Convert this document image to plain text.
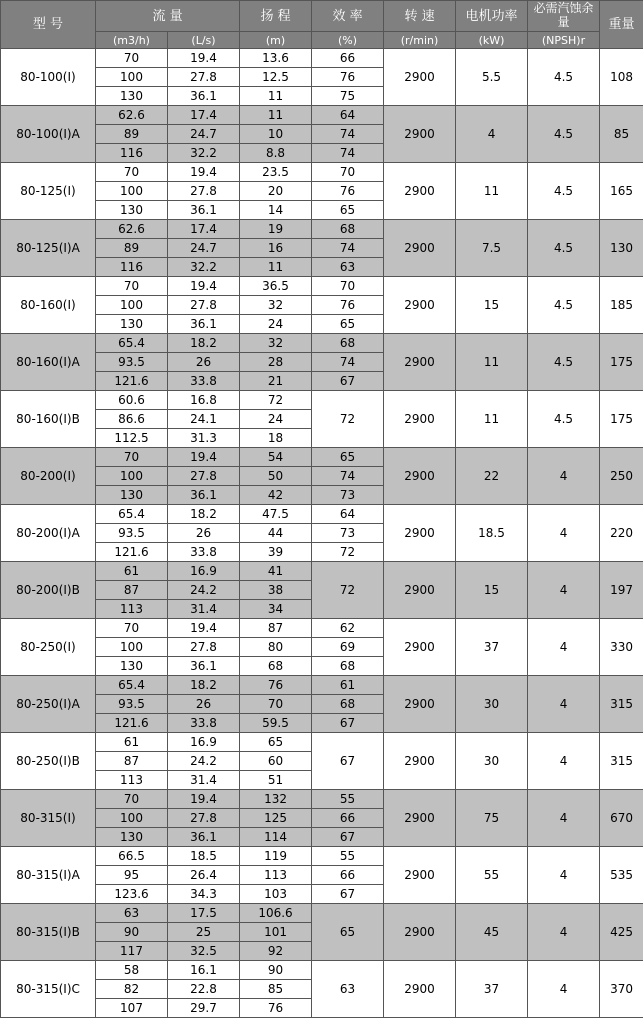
型 号	流 量		扬 程	效 率	转 速	电机功率	必需汽蚀余量	重量
	(m3/h)	(L/s)	(m)	(%)	(r/min)	(kW)	(NPSH)r	
80-100(I)	70	19.4	13.6	66	2900	5.5	4.5	108
	100	27.8	12.5	76				
	130	36.1	11	75				
80-100(I)A	62.6	17.4	11	64	2900	4	4.5	85
	89	24.7	10	74				
	116	32.2	8.8	74				
80-125(I)	70	19.4	23.5	70	2900	11	4.5	165
	100	27.8	20	76				
	130	36.1	14	65				
80-125(I)A	62.6	17.4	19	68	2900	7.5	4.5	130
	89	24.7	16	74				
	116	32.2	11	63				
80-160(I)	70	19.4	36.5	70	2900	15	4.5	185
	100	27.8	32	76				
	130	36.1	24	65				
80-160(I)A	65.4	18.2	32	68	2900	11	4.5	175
	93.5	26	28	74				
	121.6	33.8	21	67				
80-160(I)B	60.6	16.8	72	72	2900	11	4.5	175
	86.6	24.1	24					
	112.5	31.3	18					
80-200(I)	70	19.4	54	65	2900	22	4	250
	100	27.8	50	74				
	130	36.1	42	73				
80-200(I)A	65.4	18.2	47.5	64	2900	18.5	4	220
	93.5	26	44	73				
	121.6	33.8	39	72				
80-200(I)B	61	16.9	41	72	2900	15	4	197
	87	24.2	38					
	113	31.4	34					
80-250(I)	70	19.4	87	62	2900	37	4	330
	100	27.8	80	69				
	130	36.1	68	68				
80-250(I)A	65.4	18.2	76	61	2900	30	4	315
	93.5	26	70	68				
	121.6	33.8	59.5	67				
80-250(I)B	61	16.9	65	67	2900	30	4	315
	87	24.2	60					
	113	31.4	51					
80-315(I)	70	19.4	132	55	2900	75	4	670
	100	27.8	125	66				
	130	36.1	114	67				
80-315(I)A	66.5	18.5	119	55	2900	55	4	535
	95	26.4	113	66				
	123.6	34.3	103	67				
80-315(I)B	63	17.5	106.6	65	2900	45	4	425
	90	25	101					
	117	32.5	92					
80-315(I)C	58	16.1	90	63	2900	37	4	370
	82	22.8	85					
	107	29.7	76					
